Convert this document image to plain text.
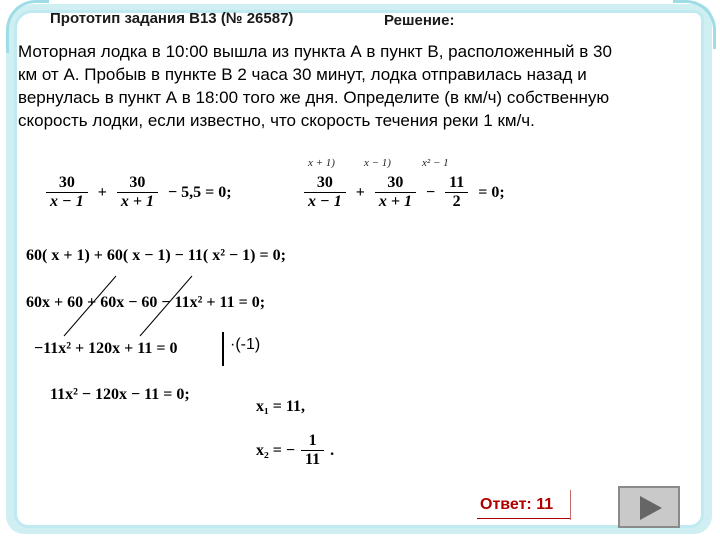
Прототип задания B13 (№ 26587)	Решение:
Моторная лодка в 10:00 вышла из пункта А в пункт В, расположенный в 30
км от А. Пробыв в пункте В 2 часа 30 минут, лодка отправилась назад и
вернулась в пункт А в 18:00 того же дня. Определите (в км/ч) собственную
скорость лодки, если известно, что скорость течения реки 1 км/ч.
$\frac{30}{x - 1} + \frac{30}{x + 1} - 5,5 = 0$;
x + 1)	x − 1)	x² − 1
$\frac{30}{x - 1} + \frac{30}{x + 1} - \frac{11}{2} = 0$;
60( x + 1) + 60( x − 1) − 11( x² − 1) = 0;
60x + 60 + 60x − 60 − 11x² + 11 = 0;
−11x² + 120x + 11 = 0	·(-1)
11x² − 120x − 11 = 0;
x₁ = 11,
x₂ = − $\frac{1}{11}$ .
Ответ: 11
